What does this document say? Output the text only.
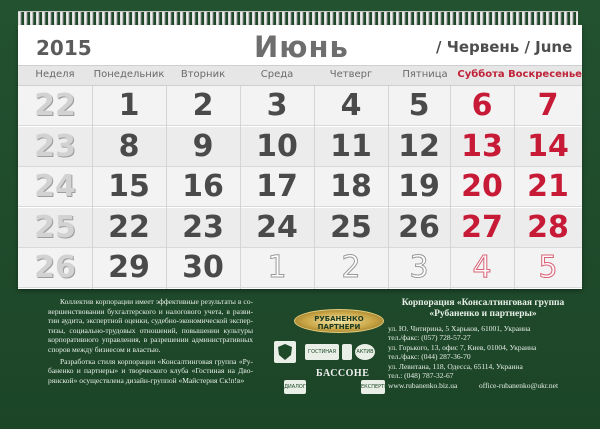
2015	Июнь	/ Червень / June
Неделя	Понедельник	Вторник	Среда	Четверг	Пятница Суббота Воскресенье
22	1	2	3	4	5	6	7
23	8	9	10	11 12 13 14
24	15	16	17	18 19 20 21
25	22	23	24	25 26 27 28
26	29	30	1	2	3	4	5

Коллектив корпорации имеет эффективные результаты в со-вершенствовании бухгалтерского и налогового учета, в разви-тии аудита, экспертной оценки, судебно-экономической экспер-тизы, социально-трудовых отношений, повышении культуры корпоративного управления, в разрешении административных споров между бизнесом и властью.

Разработка стиля корпорации «Консалтинговая группа «Ру-баненко и партнеры» и творческого клуба «Гостиная на Дво-рянской» осуществлена дизайн-группой «Майстерня Ск!п!в»

РУБАНЕНКО ПАРТНЕРИ
ГОСТИНАЯ	АКТИВ
ЕКСПЕРТИЗА
ДИАЛОГ
БАССОНЕ
Корпорация «Консалтинговая группа
«Рубаненко и партнеры»
ул. Ю. Читирина, 5 Харьков, 61001, Украина
тел./факс: (057) 728-57-27
ул. Горького, 13, офис 7, Киев, 01004, Украина
тел./факс: (044) 287-36-70
ул. Левитана, 118, Одесса, 65114, Украина
тел.: (048) 787-32-67
www.rubanenko.biz.ua	office-rubanenko@ukr.net
